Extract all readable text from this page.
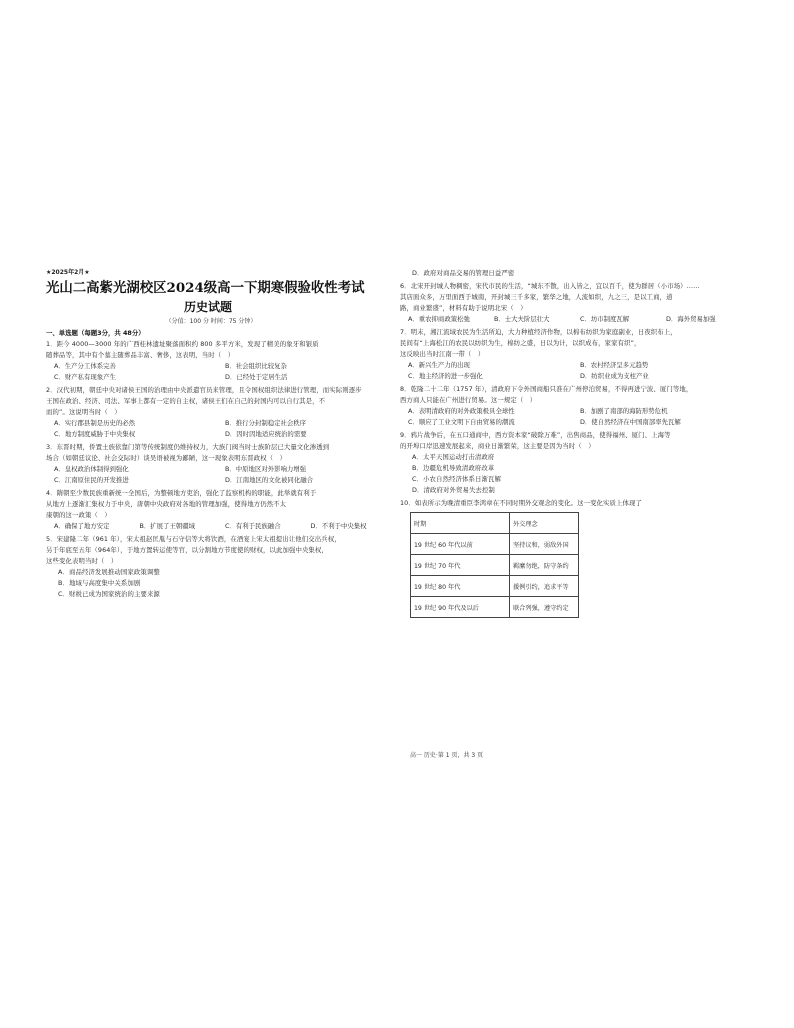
★2025年2月★
光山二高紫光湖校区2024级高一下期寒假验收性考试
历史试题
（分值：100 分 时间：75 分钟）
一、单选题（每题3分，共 48分）
1．距今 4000—3000 年的广西桂林遗址聚落面积约 800 多平方米，发现了精美的象牙和银质
随葬品等，其中有个墓主随葬品丰富、奢侈，这表明，当时（　）
A．生产分工体系完善	B．社会组织比较复杂
C．财产私有现象产生	D．已经处于定居生活
2．汉代初期，朝廷中央对诸侯王国的治理由中央派遣官员来管理，且令国权组织法律进行管理，而实际则逐步
王国在政治、经济、司法、军事上都有一定的自主权，诸侯王们在自己的封国内可以自行其是，不
而的”。这说明当时（　）
A．实行郡县制是历史的必然	B．推行分封制稳定社会秩序
C．地方制度威胁于中央集权	D．因时因地适应统治的需要
3．东晋时期，侨置士族依靠门第等传统制度仍维持权力，大族门阀当时士族阶层已大量文化渗透到
场合（如朝廷议论、社会交际时）谈吴语被视为鄙陋，这一现象表明东晋政权（　）
A．皇权政治体制得到强化	B．中原地区对外影响力增强
C．江南原住民的开发推进	D．江南地区的文化被同化融合
4．隋朝至少数民族重新统一全国后，为整顿地方吏治，强化了监察机构的职能，此举就有利于
从地方上逐渐汇集权力于中央，唐朝中央政府对各地的管理加强，使得地方仍然不太
康朝的这一政策（　）
A．确保了地方安定	B．扩展了王朝疆域	C．有利于民族融合	D．不利于中央集权
5．宋建隆二年（961 年），宋太祖赵匡胤与石守信等大将饮酒，在酒宴上宋太祖提出让他们交出兵权，
另于年底至五年（964年），于地方置转运使等官，以分割地方节度使的财权，以此加强中央集权，
这些变化表明当时（　）
A．商品经济发展推动国家政策调整
B．地域与高度集中关系加剧
C．财税已成为国家统治的主要来源
D．政府对商品交易的管理日益严密
6．北宋开封城人物稠密，宋代市民的生活，“城东不散，出入皆之，宜以百千，使为群居（小市场）……
其店面众多，万里面西于城南，开封城三千多家，繁华之地，人流如织，九之三，是以工商，道
路，商业繁盛”，材料有助于说明北宋（　）
A．重农抑商政策松弛	B．士大夫阶层壮大	C．坊市制度瓦解	D．海外贸易加强
7．明末，湘江流域农民为生活所迫，大力种植经济作物，以棉布纺织为家庭副业，日夜织布上，
民间有“上海松江的农民以纺织为生，棉纺之盛，日以为计，以织成布，家家有织”，
这反映出当时江南一带（　）
A．新兴生产力的出现	B．农村经济呈多元趋势
C．地主经济的进一步强化	D．纺织业成为支柱产业
8．乾隆二十二年（1757 年），清政府下令外国商船只准在广州停泊贸易，不得再进宁波、厦门等地，
西方商人只能在广州进行贸易。这一规定（　）
A．表明清政府的对外政策极具全球性	B．加剧了南部的海防形势危机
C．顺应了工业文明下自由贸易的潮流	D．使自然经济在中国南部率先瓦解
9．鸦片战争后，在五口通商中，西方资本家“破除万难”，出售商品，使得福州、厦门、上海等
的开埠口岸迅速发展起来，商业日渐繁荣，这主要是因为当时（　）
A．太平天国运动打击清政府
B．边疆危机导致清政府改革
C．小农自然经济体系日渐瓦解
D．清政府对外贸易失去控制
10．如表所示为晚清重臣李鸿章在不同时期外交观念的变化。这一变化实质上体现了
时期	外交理念
19 世纪 60 年代以前	坚持议和，弱敌外国
19 世纪 70 年代	羁縻勿绝，防守条约
19 世纪 80 年代	援例引约，追求平等
19 世纪 90 年代及以后	联合列强，遵守约定
高一 历史·第 1 页，共 3 页
